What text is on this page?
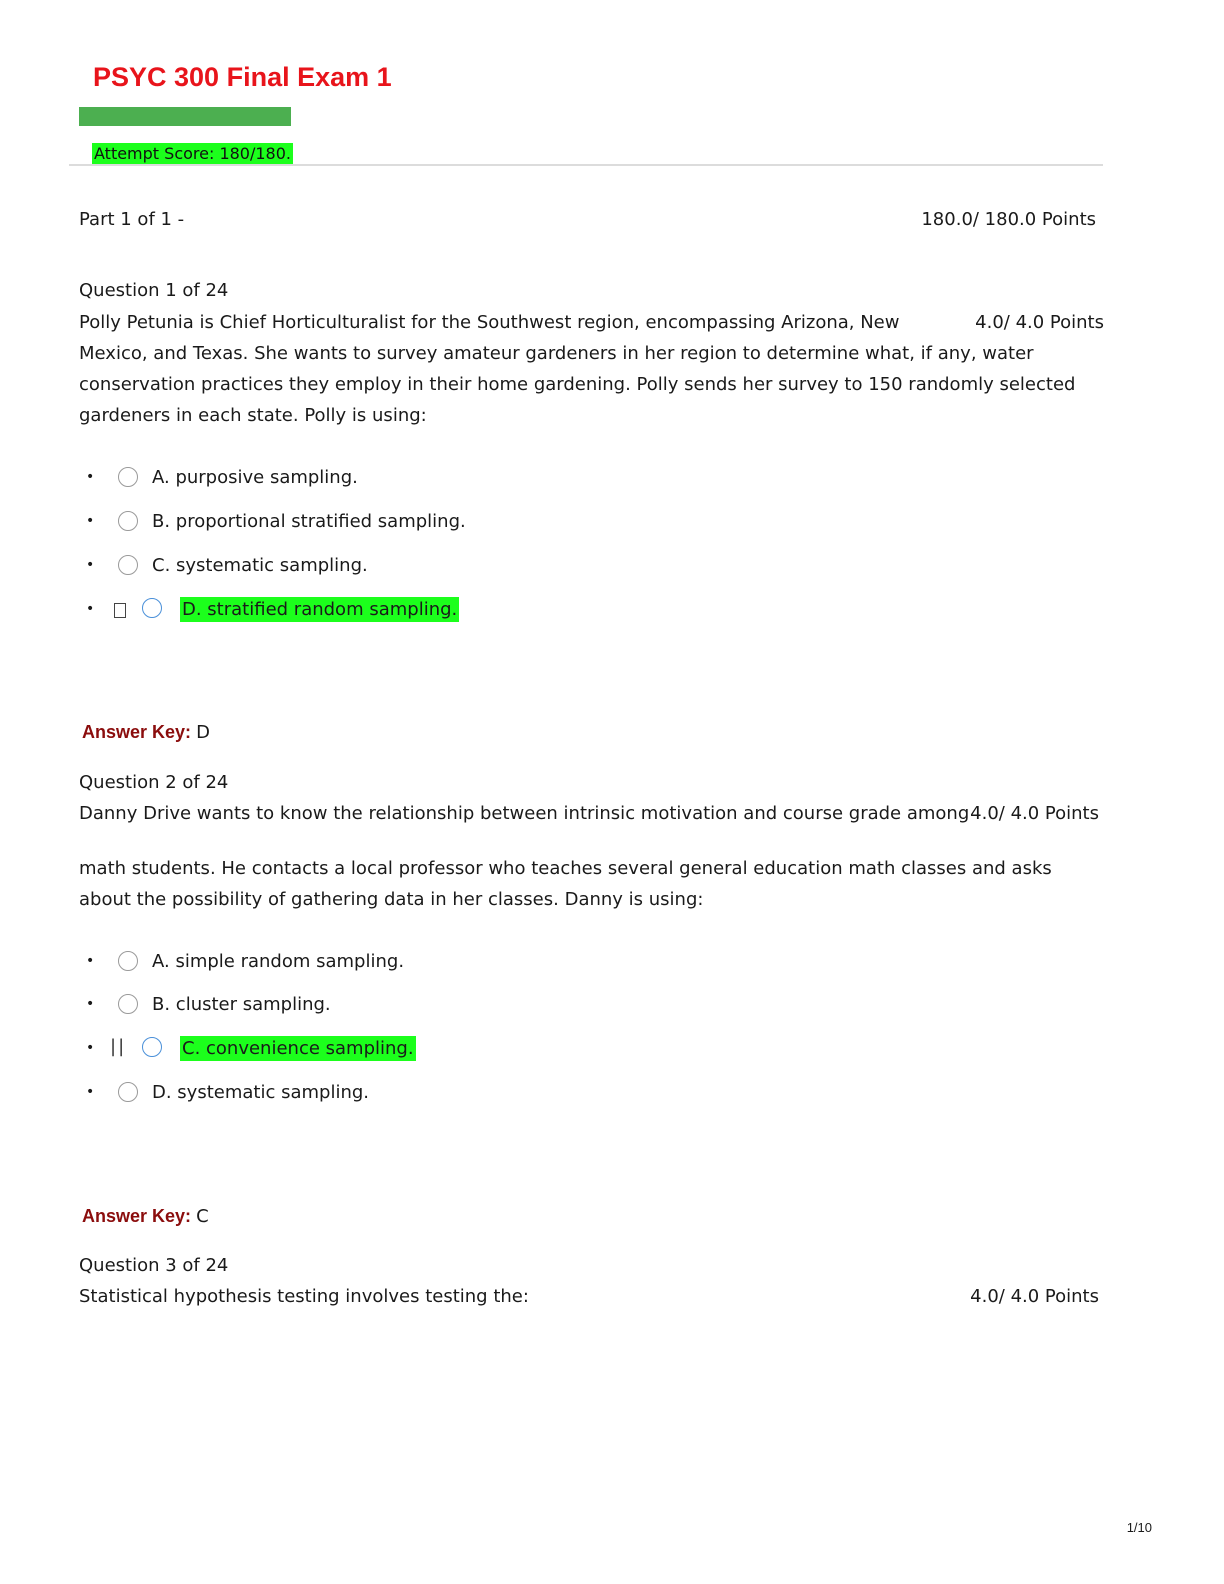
PSYC 300 Final Exam 1
Attempt Score: 180/180.
Part 1 of 1 -	180.0/ 180.0 Points
Question 1 of 24
4.0/ 4.0 Points
Polly Petunia is Chief Horticulturalist for the Southwest region, encompassing Arizona, New Mexico, and Texas. She wants to survey amateur gardeners in her region to determine what, if any, water conservation practices they employ in their home gardening. Polly sends her survey to 150 randomly selected gardeners in each state. Polly is using:
•	A. purposive sampling.
•	B. proportional stratified sampling.
•	C. systematic sampling.
•	D. stratified random sampling.
Answer Key: D
Question 2 of 24
Danny Drive wants to know the relationship between intrinsic motivation and course grade among 4.0/ 4.0 Points
math students. He contacts a local professor who teaches several general education math classes and asks about the possibility of gathering data in her classes. Danny is using:
•	A. simple random sampling.
•	B. cluster sampling.
• ||	C. convenience sampling.
•	D. systematic sampling.
Answer Key: C
Question 3 of 24
Statistical hypothesis testing involves testing the:	4.0/ 4.0 Points
1/10
